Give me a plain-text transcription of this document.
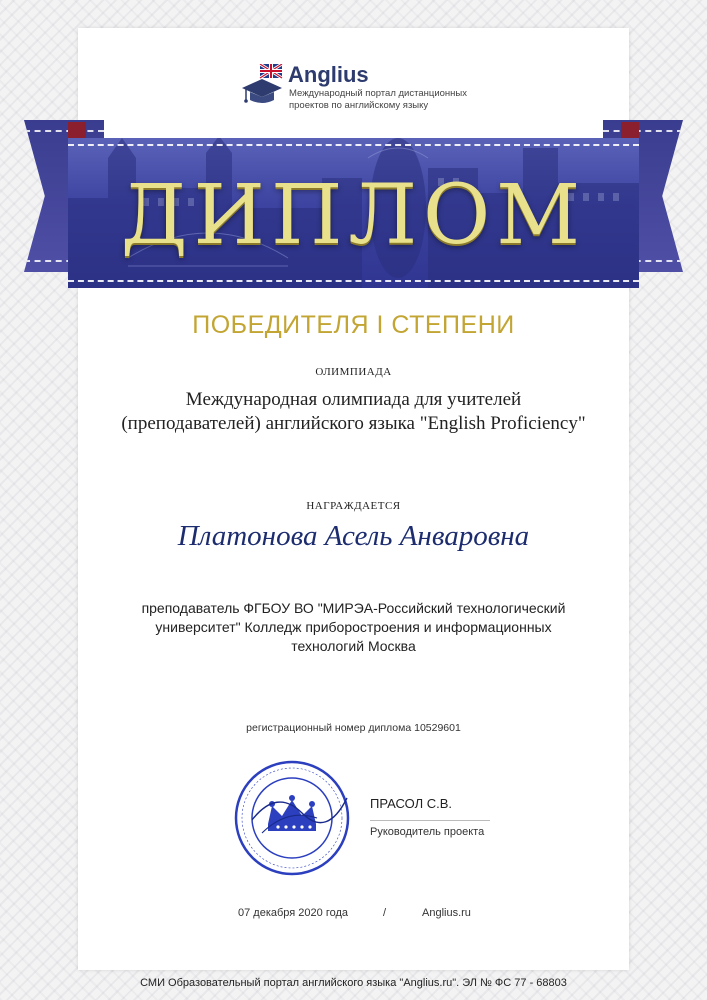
Anglius
Международный портал дистанционных проектов по английскому языку
ДИПЛОМ
ПОБЕДИТЕЛЯ I СТЕПЕНИ
ОЛИМПИАДА
Международная олимпиада для учителей
(преподавателей) английского языка "English Proficiency"
НАГРАЖДАЕТСЯ
Платонова Асель Анваровна
преподаватель ФГБОУ ВО "МИРЭА-Российский технологический
университет" Колледж приборостроения и информационных
технологий Москва
регистрационный номер диплома 10529601
ПРАСОЛ С.В.
Руководитель проекта
07 декабря 2020 года	/	Anglius.ru
СМИ Образовательный портал английского языка "Anglius.ru". ЭЛ № ФС 77 - 68803
